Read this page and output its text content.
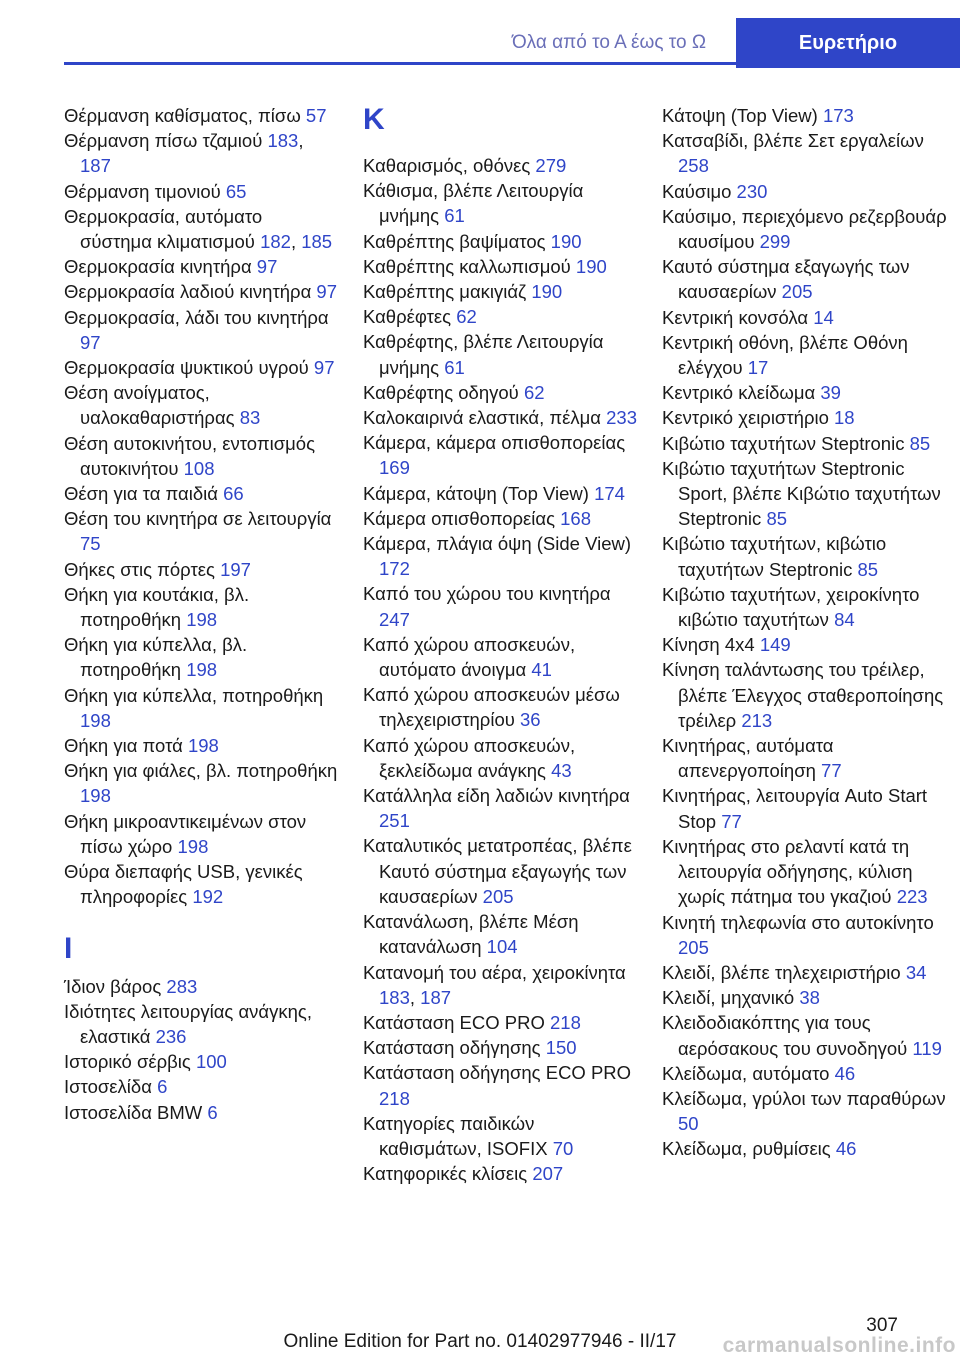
Όλα από το Α έως το Ω	Ευρετήριο
Θέρμανση καθίσματος, πίσω 57
Θέρμανση πίσω τζαμιού 183, 187
Θέρμανση τιμονιού 65
Θερμοκρασία, αυτόματο σύστημα κλιματισμού 182, 185
Θερμοκρασία κινητήρα 97
Θερμοκρασία λαδιού κινητήρα 97
Θερμοκρασία, λάδι του κινητήρα 97
Θερμοκρασία ψυκτικού υγρού 97
Θέση ανοίγματος, υαλοκαθαριστήρας 83
Θέση αυτοκινήτου, εντοπισμός αυτοκινήτου 108
Θέση για τα παιδιά 66
Θέση του κινητήρα σε λειτουργία 75
Θήκες στις πόρτες 197
Θήκη για κουτάκια, βλ. ποτηροθήκη 198
Θήκη για κύπελλα, βλ. ποτηροθήκη 198
Θήκη για κύπελλα, ποτηροθήκη 198
Θήκη για ποτά 198
Θήκη για φιάλες, βλ. ποτηροθήκη 198
Θήκη μικροαντικειμένων στον πίσω χώρο 198
Θύρα διεπαφής USB, γενικές πληροφορίες 192
I
Ίδιον βάρος 283
Ιδιότητες λειτουργίας ανάγκης, ελαστικά 236
Ιστορικό σέρβις 100
Ιστοσελίδα 6
Ιστοσελίδα BMW 6
K
Καθαρισμός, οθόνες 279
Κάθισμα, βλέπε Λειτουργία μνήμης 61
Καθρέπτης βαψίματος 190
Καθρέπτης καλλωπισμού 190
Καθρέπτης μακιγιάζ 190
Καθρέφτες 62
Καθρέφτης, βλέπε Λειτουργία μνήμης 61
Καθρέφτης οδηγού 62
Καλοκαιρινά ελαστικά, πέλμα 233
Κάμερα, κάμερα οπισθοπορείας 169
Κάμερα, κάτοψη (Top View) 174
Κάμερα οπισθοπορείας 168
Κάμερα, πλάγια όψη (Side View) 172
Καπό του χώρου του κινητήρα 247
Καπό χώρου αποσκευών, αυτόματο άνοιγμα 41
Καπό χώρου αποσκευών μέσω τηλεχειριστηρίου 36
Καπό χώρου αποσκευών, ξεκλείδωμα ανάγκης 43
Κατάλληλα είδη λαδιών κινητήρα 251
Καταλυτικός μετατροπέας, βλέπε Καυτό σύστημα εξαγωγής των καυσαερίων 205
Κατανάλωση, βλέπε Μέση κατανάλωση 104
Κατανομή του αέρα, χειροκίνητα 183, 187
Κατάσταση ECO PRO 218
Κατάσταση οδήγησης 150
Κατάσταση οδήγησης ECO PRO 218
Κατηγορίες παιδικών καθισμάτων, ISOFIX 70
Κατηφορικές κλίσεις 207
Κάτοψη (Top View) 173
Κατσαβίδι, βλέπε Σετ εργαλείων 258
Καύσιμο 230
Καύσιμο, περιεχόμενο ρεζερβουάρ καυσίμου 299
Καυτό σύστημα εξαγωγής των καυσαερίων 205
Κεντρική κονσόλα 14
Κεντρική οθόνη, βλέπε Οθόνη ελέγχου 17
Κεντρικό κλείδωμα 39
Κεντρικό χειριστήριο 18
Κιβώτιο ταχυτήτων Steptronic 85
Κιβώτιο ταχυτήτων Steptronic Sport, βλέπε Κιβώτιο ταχυτήτων Steptronic 85
Κιβώτιο ταχυτήτων, κιβώτιο ταχυτήτων Steptronic 85
Κιβώτιο ταχυτήτων, χειροκίνητο κιβώτιο ταχυτήτων 84
Κίνηση 4x4 149
Κίνηση ταλάντωσης του τρέιλερ, βλέπε Έλεγχος σταθεροποίησης τρέιλερ 213
Κινητήρας, αυτόματα απενεργοποίηση 77
Κινητήρας, λειτουργία Auto Start Stop 77
Κινητήρας στο ρελαντί κατά τη λειτουργία οδήγησης, κύλιση χωρίς πάτημα του γκαζιού 223
Κινητή τηλεφωνία στο αυτοκίνητο 205
Κλειδί, βλέπε τηλεχειριστήριο 34
Κλειδί, μηχανικό 38
Κλειδοδιακόπτης για τους αερόσακους του συνοδηγού 119
Κλείδωμα, αυτόματο 46
Κλείδωμα, γρύλοι των παραθύρων 50
Κλείδωμα, ρυθμίσεις 46
307
Online Edition for Part no. 01402977946 - II/17	carmanualsonline.info
